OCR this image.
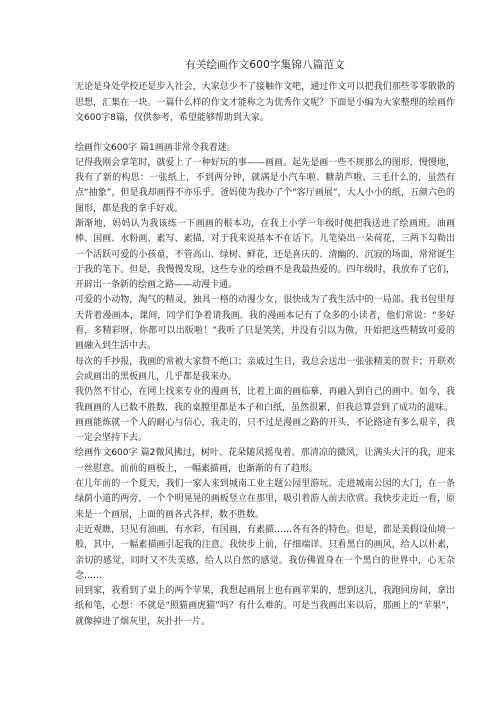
有关绘画作文600字集锦八篇范文

无论是身处学校还是步入社会，大家总少不了接触作文吧，通过作文可以把我们那些零零散散的思想，汇集在一块。一篇什么样的作文才能称之为优秀作文呢？下面是小编为大家整理的绘画作文600字8篇，仅供参考，希望能够帮助到大家。

绘画作文600字 篇1画画非常令我着迷。

记得我刚会拿笔时，就爱上了一种好玩的事——画画。起先是画一些不规那么的图形，慢慢地，我有了新的构思：一张纸上，不到两分钟，就满是小汽车啦、糖葫芦啦、三毛什么的，虽然有点“抽象”，但是我却画得不亦乐乎。爸妈使为我办了个“客厅画展”，大人小小的纸，五颜六色的图形，都是我的拿手好戏。

渐渐地，妈妈认为我该练一下画画的根本功，在我上小学一年级时便把我送进了绘画班。油画棒、国画、水粉画、素写、素描，对于我来说基本不在话下。儿笔染出一朵荷花，三两下勾勒出一个活跃可爱的小孩童，不管高山、绿树、鲜花，还是喜庆的、清幽的、沉寂的场面，常常诞生于我的笔下。但是，我慢慢发现，这些专业的绘画不是我最热爱的。四年级时，我放弃了它们，开辟出一条新的绘画之路——动漫卡通。

可爱的小动物，淘气的精灵，独具一格的动漫少女，很快成为了我生活中的一局部。我书包里每天背着漫画本，课间，同学们争着请我画。我的漫画本记有了众多的小读者，他们常说：“多好看，多精彩呀，你都可以出版啦！”我听了只是笑笑，并没有引以为傲，开始把这些精致可爱的画融入到生活中去。

每次的手抄报，我画的常被大家赞不绝口；亲戚过生日，我总会送出一张张精美的贺卡；开联欢会或画出的黑板画儿，几乎都是我来办。

我仍然不甘心，在网上找来专业的漫画书，比着上面的画临摹，再融入到自己的画中。如今，我我画画的人已数不胜数，我的桌膛里都是本子和白纸，虽然很累，但我总算尝到了成功的滋味。

画画能炼就一个人的耐心与信心，我走的，只不过是漫画之路的开头，不论路途有多么艰辛，我一定会坚持下去。

绘画作文600字 篇2微风拂过，树叶、花朵随风摇曳着。那清凉的微风，让满头大汗的我，迎来一丝慰意。前前的画板上，一幅素描画，也渐渐的有了趋形。

在几年前的一个夏天，我们一家人来到城南工业主题公园里游玩。走进城南公园的大门，在一条绿荫小道的两旁，一个个明晃晃的画板竖立在那里，吸引着游人前去欣赏。我快步走近一看，原来是一个画展，上面的画各式各样，数不胜数。

走近观瞧，只见有油画，有水彩，有国画，有素描……各有各的特色。但是，都是美假设仙境一般，其中，一幅素描画引起我的注意。我快步上前，仔细端详。只看黑白的画风，给人以朴素，亲切的感觉，同时又不失美感，给人以自然的感觉。我仿佛置身在一个黑白的世界中，心无杂念……

回到家，我看到了桌上的两个苹果，我想起画展上也有画苹果的，想到这儿，我跑回房间，拿出纸和笔，心想：不就是“照猫画虎猫”吗？有什么难的。可是当我画出来以后，那画上的“苹果”，就像掉进了烟灰里，灰扑扑一片。
